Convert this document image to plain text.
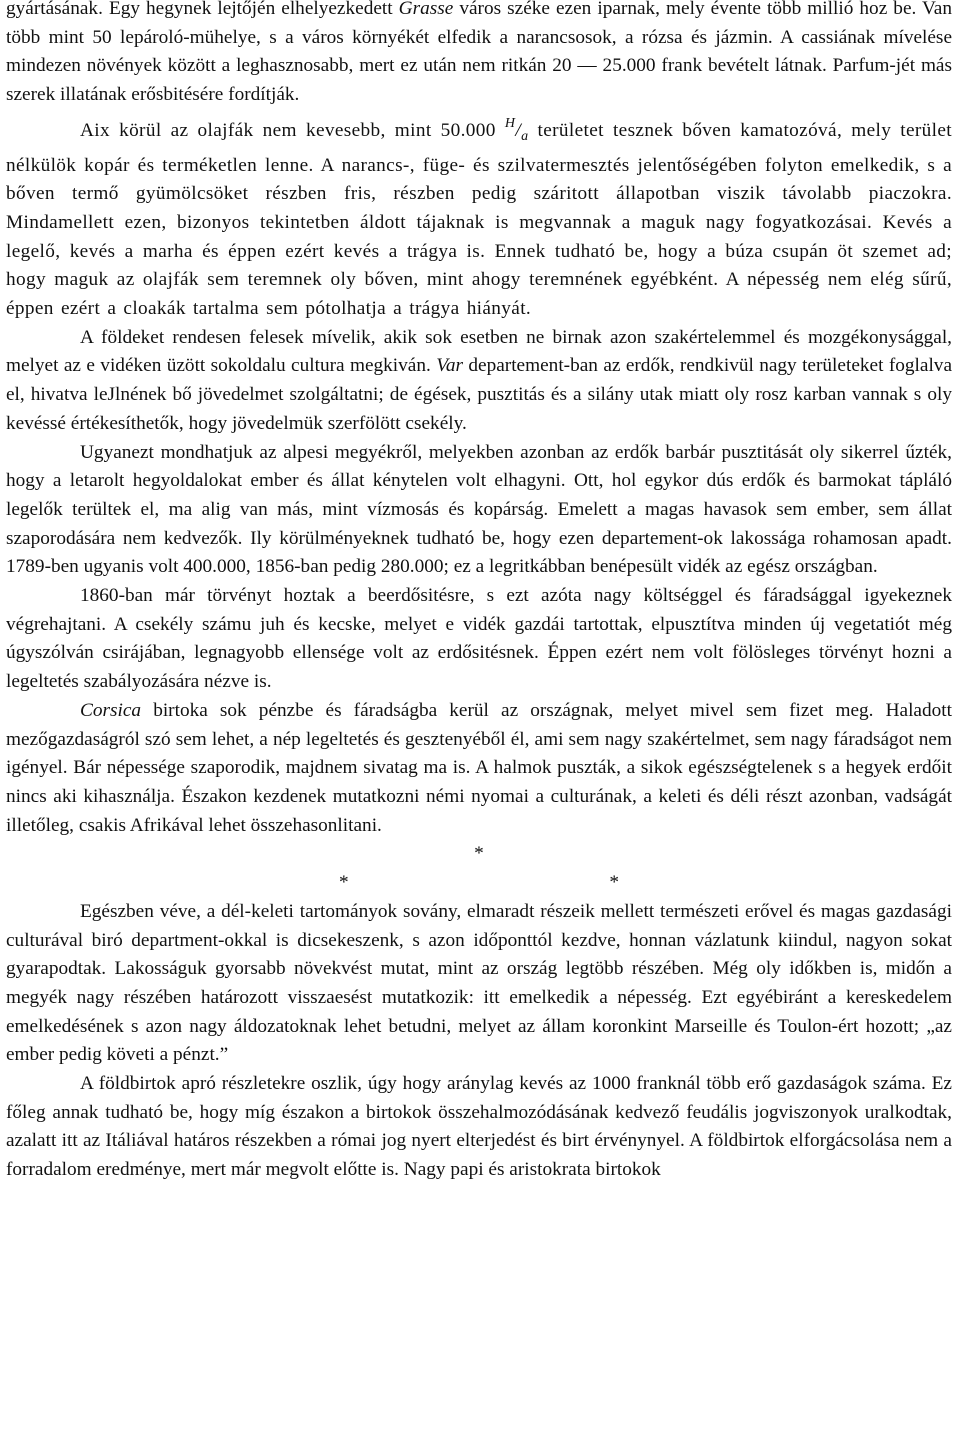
gyártásának. Egy hegynek lejtőjén elhelyezkedett Grasse város széke ezen iparnak, mely évente több millió hoz be. Van több mint 50 lepároló-mühelye, s a város környékét elfedik a narancsosok, a rózsa és jázmin. A cassiának mívelése mindezen növények között a leghasznosabb, mert ez után nem ritkán 20 — 25.000 frank bevételt látnak. Parfum-jét más szerek illatának erősbitésére fordítják.

Aix körül az olajfák nem kevesebb, mint 50.000 $^H/_a$ területet tesznek bőven kamatozóvá, mely terület nélkülök kopár és terméketlen lenne. A narancs-, füge- és szilvatermesztés jelentőségében folyton emelkedik, s a bőven termő gyümölcsöket részben fris, részben pedig száritott állapotban viszik távolabb piaczokra. Mindamellett ezen, bizonyos tekintetben áldott tájaknak is megvannak a maguk nagy fogyatkozásai. Kevés a legelő, kevés a marha és éppen ezért kevés a trágya is. Ennek tudható be, hogy a búza csupán öt szemet ad; hogy maguk az olajfák sem teremnek oly bőven, mint ahogy teremnének egyébként. A népesség nem elég sűrű, éppen ezért a cloakák tartalma sem pótolhatja a trágya hiányát.

A földeket rendesen felesek mívelik, akik sok esetben ne birnak azon szakértelemmel és mozgékonysággal, melyet az e vidéken üzött sokoldalu cultura megkiván. Var departement-ban az erdők, rendkivül nagy területeket foglalva el, hivatva leJlnének bő jövedelmet szolgáltatni; de égések, pusztitás és a silány utak miatt oly rosz karban vannak s oly kevéssé értékesíthetők, hogy jövedelmük szerfölött csekély.

Ugyanezt mondhatjuk az alpesi megyékről, melyekben azonban az erdők barbár pusztitását oly sikerrel űzték, hogy a letarolt hegyoldalokat ember és állat kénytelen volt elhagyni. Ott, hol egykor dús erdők és barmokat tápláló legelők terültek el, ma alig van más, mint vízmosás és kopárság. Emelett a magas havasok sem ember, sem állat szaporodására nem kedvezők. Ily körülményeknek tudható be, hogy ezen departement-ok lakossága rohamosan apadt. 1789-ben ugyanis volt 400.000, 1856-ban pedig 280.000; ez a legritkábban benépesült vidék az egész országban.

1860-ban már törvényt hoztak a beerdősitésre, s ezt azóta nagy költséggel és fáradsággal igyekeznek végrehajtani. A csekély számu juh és kecske, melyet e vidék gazdái tartottak, elpusztítva minden új vegetatiót még úgyszólván csirájában, legnagyobb ellensége volt az erdősitésnek. Éppen ezért nem volt fölösleges törvényt hozni a legeltetés szabályozására nézve is.

Corsica birtoka sok pénzbe és fáradságba kerül az országnak, melyet mivel sem fizet meg. Haladott mezőgazdaságról szó sem lehet, a nép legeltetés és gesztenyéből él, ami sem nagy szakértelmet, sem nagy fáradságot nem igényel. Bár népessége szaporodik, majdnem sivatag ma is. A halmok puszták, a sikok egészségtelenek s a hegyek erdőit nincs aki kihasználja. Északon kezdenek mutatkozni némi nyomai a culturának, a keleti és déli részt azonban, vadságát illetőleg, csakis Afrikával lehet összehasonlitani.

*
*	*

Egészben véve, a dél-keleti tartományok sovány, elmaradt részeik mellett természeti erővel és magas gazdasági culturával biró department-okkal is dicsekeszenk, s azon időponttól kezdve, honnan vázlatunk kiindul, nagyon sokat gyarapodtak. Lakosságuk gyorsabb növekvést mutat, mint az ország legtöbb részében. Még oly időkben is, midőn a megyék nagy részében határozott visszaesést mutatkozik: itt emelkedik a népesség. Ezt egyébiránt a kereskedelem emelkedésének s azon nagy áldozatoknak lehet betudni, melyet az állam koronkint Marseille és Toulon-ért hozott; „az ember pedig követi a pénzt.”

A földbirtok apró részletekre oszlik, úgy hogy aránylag kevés az 1000 franknál több erő gazdaságok száma. Ez főleg annak tudható be, hogy míg északon a birtokok összehalmozódásának kedvező feudális jogviszonyok uralkodtak, azalatt itt az Itáliával határos részekben a római jog nyert elterjedést és birt érvénynyel. A földbirtok elforgácsolása nem a forradalom eredménye, mert már megvolt előtte is. Nagy papi és aristokrata birtokok
